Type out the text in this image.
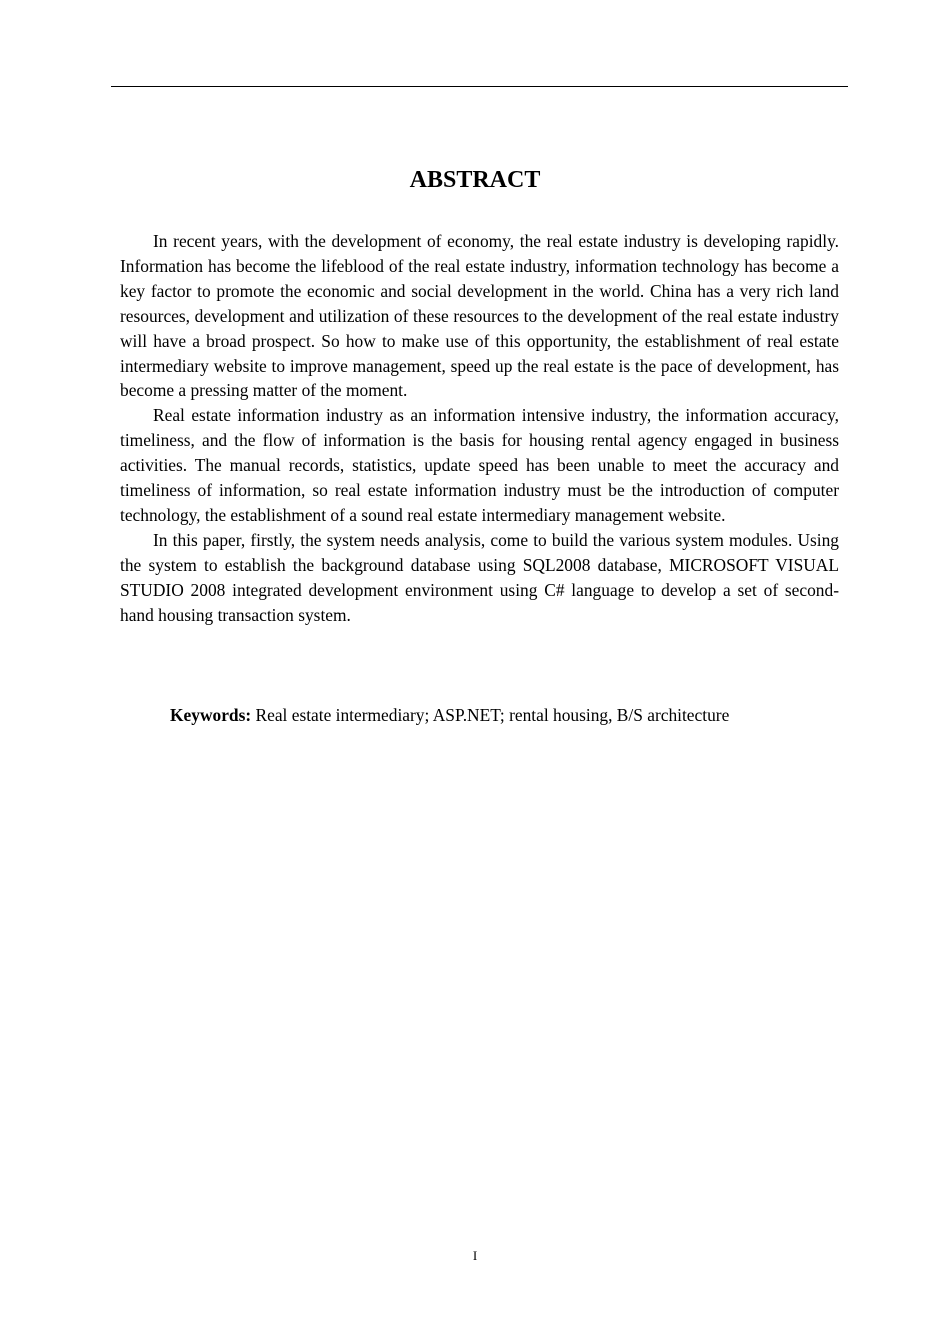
ABSTRACT

In recent years, with the development of economy, the real estate industry is developing rapidly. Information has become the lifeblood of the real estate industry, information technology has become a key factor to promote the economic and social development in the world. China has a very rich land resources, development and utilization of these resources to the development of the real estate industry will have a broad prospect. So how to make use of this opportunity, the establishment of real estate intermediary website to improve management, speed up the real estate is the pace of development, has become a pressing matter of the moment.

Real estate information industry as an information intensive industry, the information accuracy, timeliness, and the flow of information is the basis for housing rental agency engaged in business activities. The manual records, statistics, update speed has been unable to meet the accuracy and timeliness of information, so real estate information industry must be the introduction of computer technology, the establishment of a sound real estate intermediary management website.

In this paper, firstly, the system needs analysis, come to build the various system modules. Using the system to establish the background database using SQL2008 database, MICROSOFT VISUAL STUDIO 2008 integrated development environment using C# language to develop a set of second-hand housing transaction system.

Keywords: Real estate intermediary; ASP.NET; rental housing, B/S architecture
I
